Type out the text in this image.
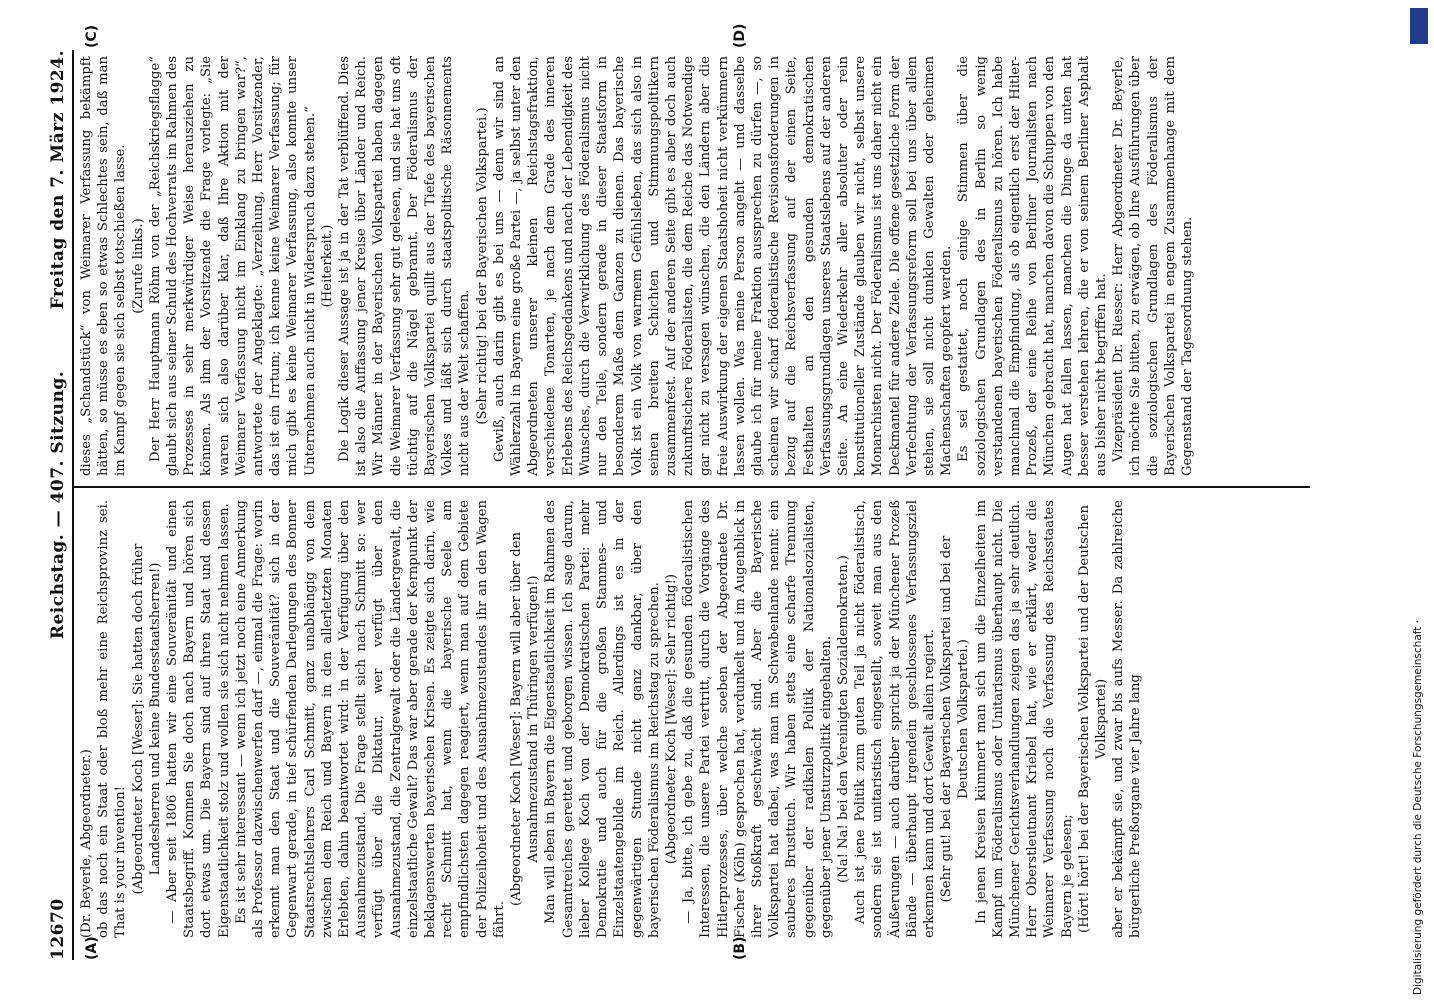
12670
Reichstag. — 407. Sitzung.
Freitag den 7. März 1924.
(A)	(B)
(C)	(D)

(Dr. Beyerle, Abgeordneter.) ob das noch ein Staat oder bloß mehr eine Reichsprovinz sei. That is your invention! (Abgeordneter Koch [Weser]: Sie hatten doch früher Landesherren und keine Bundesstaatsherren!) — Aber seit 1806 hatten wir eine Souveränität und einen Staatsbegriff. Kommen Sie doch nach Bayern und hören sich dort etwas um. Die Bayern sind auf ihren Staat und dessen Eigenstaatlichkeit stolz und wollen sie sich nicht nehmen lassen. Es ist sehr interessant — wenn ich jetzt noch eine Anmerkung als Professor dazwischenwerfen darf —, einmal die Frage: worin erkennt man den Staat und die Souveränität? sich in der Gegenwart gerade, in tief schürfenden Darlegungen des Bonner Staatsrechtslehrers Carl Schmitt, ganz unabhängig von dem zwischen dem Reich und Bayern in den allerletzten Monaten Erlebten, dahin beantwortet wird: in der Verfügung über den Ausnahmezustand. Die Frage stellt sich nach Schmitt so: wer verfügt über die Diktatur, wer verfügt über den Ausnahmezustand, die Zentralgewalt oder die Ländergewalt, die einzelstaatliche Gewalt? Das war aber gerade der Kernpunkt der beklagenswerten bayerischen Krisen. Es zeigte sich darin, wie recht Schmitt hat, wenn die bayerische Seele am empfindlichsten dagegen reagiert, wenn man auf dem Gebiete der Polizeihoheit und des Ausnahmezustandes ihr an den Wagen fährt.

(Abgeordneter Koch [Weser]: Bayern will aber über den Ausnahmezustand in Thüringen verfügen!) Man will eben in Bayern die Eigenstaatlichkeit im Rahmen des Gesamtreiches gerettet und geborgen wissen. Ich sage darum, lieber Kollege Koch von der Demokratischen Partei: mehr Demokratie und auch für die großen Stammes- und Einzelstaatengebilde im Reich. Allerdings ist es in der gegenwärtigen Stunde nicht ganz dankbar, über den bayerischen Föderalismus im Reichstag zu sprechen. (Abgeordneter Koch [Weser]: Sehr richtig!) — Ja, bitte, ich gebe zu, daß die gesunden föderalistischen Interessen, die unsere Partei vertritt, durch die Vorgänge des Hitlerprozesses, über welche soeben der Abgeordnete Dr. Fischer (Köln) gesprochen hat, verdunkelt und im Augenblick in ihrer Stoßkraft geschwächt sind. Aber die Bayerische Volkspartei hat dabei, was man im Schwabenlande nennt: ein sauberes Brusttuch. Wir haben stets eine scharfe Trennung gegenüber der radikalen Politik der Nationalsozialisten, gegenüber jener Umsturzpolitik eingehalten. (Na! Na! bei den Vereinigten Sozialdemokraten.) Auch ist jene Politik zum guten Teil ja nicht föderalistisch, sondern sie ist unitaristisch eingestellt, soweit man aus den Äußerungen — auch darüber spricht ja der Münchener Prozeß Bände — überhaupt irgendein geschlossenes Verfassungsziel erkennen kann und dort Gewalt allein regiert. (Sehr gut! bei der Bayerischen Volkspartei und bei der Deutschen Volkspartei.) In jenen Kreisen kümmert man sich um die Einzelheiten im Kampf um Föderalismus oder Unitarismus überhaupt nicht. Die Münchener Gerichtsverhandlungen zeigen das ja sehr deutlich. Herr Oberstleutnant Kriebel hat, wie er erklärt, weder die Weimarer Verfassung noch die Verfassung des Reichsstaates Bayern je gelesen; (Hört! hört! bei der Bayerischen Volkspartei und der Deutschen Volkspartei) aber er bekämpft sie, und zwar bis aufs Messer. Da zahlreiche bürgerliche Preßorgane vier Jahre lang

dieses „Schandstück“ von Weimarer Verfassung bekämpft hätten, so müsse es eben so etwas Schlechtes sein, daß man im Kampf gegen sie sich selbst totschießen lasse. (Zurufe links.) Der Herr Hauptmann Röhm von der „Reichskriegsflagge“ glaubt sich aus seiner Schuld des Hochverrats im Rahmen des Prozesses in sehr merkwürdiger Weise herausziehen zu können. Als ihm der Vorsitzende die Frage vorlegte: „Sie waren sich also darüber klar, daß Ihre Aktion mit der Weimarer Verfassung nicht im Einklang zu bringen war?“, antwortete der Angeklagte: „Verzeihung, Herr Vorsitzender, das ist ein Irrtum; ich kenne keine Weimarer Verfassung; für mich gibt es keine Weimarer Verfassung, also konnte unser Unternehmen auch nicht in Widerspruch dazu stehen.“ (Heiterkeit.) Die Logik dieser Aussage ist ja in der Tat verblüffend. Dies ist also die Auffassung jener Kreise über Länder und Reich. Wir Männer in der Bayerischen Volkspartei haben dagegen die Weimarer Verfassung sehr gut gelesen, und sie hat uns oft tüchtig auf die Nägel gebrannt. Der Föderalismus der Bayerischen Volkspartei quillt aus der Tiefe des bayerischen Volkes und läßt sich durch staatspolitische Räsonnements nicht aus der Welt schaffen. (Sehr richtig! bei der Bayerischen Volkspartei.) Gewiß, auch darin gibt es bei uns — denn wir sind an Wählerzahl in Bayern eine große Partei —, ja selbst unter den Abgeordneten unserer kleinen Reichstagsfraktion, verschiedene Tonarten, je nach dem Grade des inneren Erlebens des Reichsgedankens und nach der Lebendigkeit des Wunsches, durch die Verwirklichung des Föderalismus nicht nur den Teile, sondern gerade in dieser Staatsform in besonderem Maße dem Ganzen zu dienen. Das bayerische Volk ist ein Volk von warmem Gefühlsleben, das sich also in seinen breiten Schichten und Stimmungspolitikern zusammenfest. Auf der anderen Seite gibt es aber doch auch zukunftsichere Föderalisten, die dem Reiche das Notwendige gar nicht zu versagen wünschen, die den Ländern aber die freie Auswirkung der eigenen Staatshoheit nicht verkümmern lassen wollen. Was meine Person angeht — und dasselbe glaube ich für meine Fraktion aussprechen zu dürfen —, so scheinen wir scharf föderalistische Revisionsforderungen in bezug auf die Reichsverfassung auf der einen Seite, Festhalten an den gesunden demokratischen Verfassungsgrundlagen unseres Staatslebens auf der anderen Seite. An eine Wiederkehr aller absoluter oder rein konstitutioneller Zustände glauben wir nicht, selbst unsere Monarchisten nicht. Der Föderalismus ist uns daher nicht ein Deckmantel für andere Ziele. Die offene gesetzliche Form der Verfechtung der Verfassungsreform soll bei uns über allem stehen, sie soll nicht dunklen Gewalten oder geheimen Machenschaften geopfert werden. Es sei gestattet, noch einige Stimmen über die soziologischen Grundlagen des in Berlin so wenig verstandenen bayerischen Föderalismus zu hören. Ich habe manchmal die Empfindung, als ob eigentlich erst der Hitler-Prozeß, der eine Reihe von Berliner Journalisten nach München gebracht hat, manchen davon die Schuppen von den Augen hat fallen lassen, manchen die Dinge da unten hat besser verstehen lehren, die er von seinem Berliner Asphalt aus bisher nicht begriffen hat. Vizepräsident Dr. Riesser: Herr Abgeordneter Dr. Beyerle, ich möchte Sie bitten, zu erwägen, ob Ihre Ausführungen über die soziologischen Grundlagen des Föderalismus der Bayerischen Volkspartei in engem Zusammenhange mit dem Gegenstand der Tagesordnung stehen.

Digitalisierung gefördert durch die Deutsche Forschungsgemeinschaft ·
